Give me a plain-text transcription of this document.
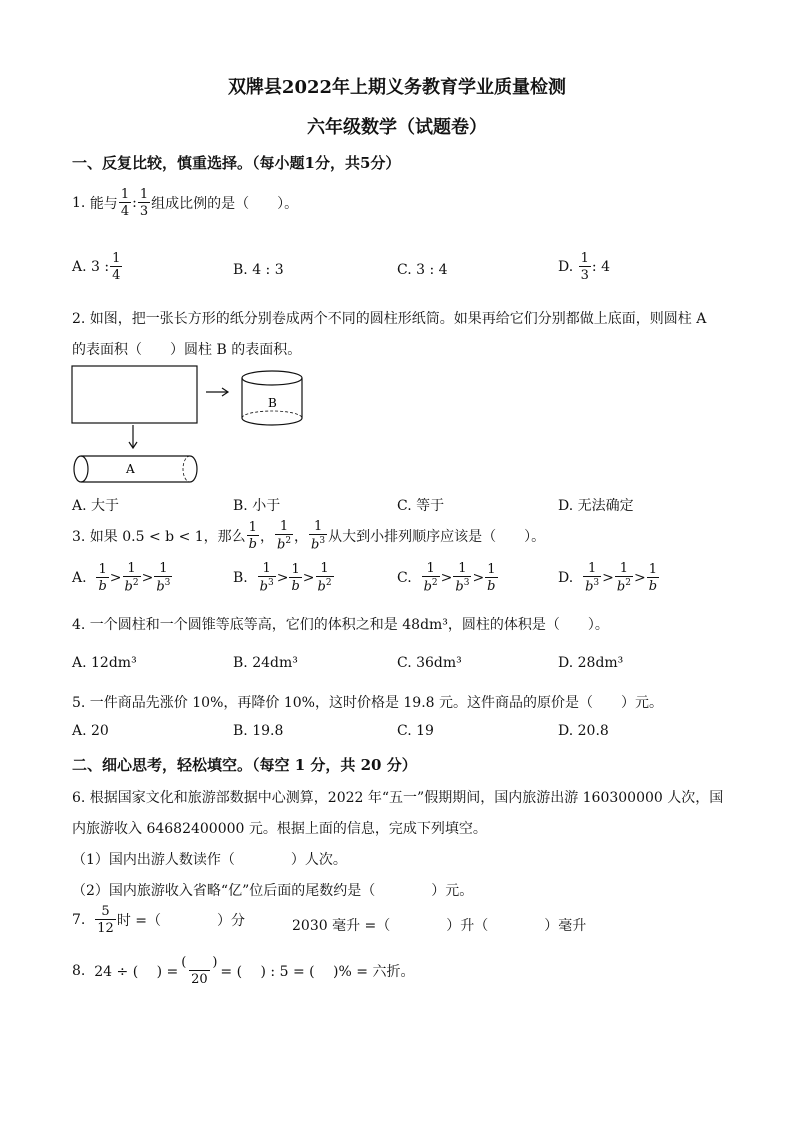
双牌县2022年上期义务教育学业质量检测
六年级数学（试题卷）
一、反复比较，慎重选择。（每小题1分，共5分）
1.
能与 $\frac{1}{4}$ : $\frac{1}{3}$ 组成比例的是（　　）。
A. 3 : $\frac{1}{4}$	B. 4 : 3	C. 3 : 4	D.
$\frac{1}{3}$ : 4
2. 如图，把一张长方形的纸分别卷成两个不同的圆柱形纸筒。如果再给它们分别都做上底面，则圆柱 A
的表面积（　　）圆柱 B 的表面积。
B
A
A. 大于	B. 小于	C. 等于	D. 无法确定
3. 如果 0.5 < b < 1，那么 $\frac{1}{b}$ ， $\frac{1}{b^2}$ ， $\frac{1}{b^3}$ 从大到小排列顺序应该是（　　）。
A.
$\frac{1}{b} > \frac{1}{b^2} > \frac{1}{b^3}$	B.
$\frac{1}{b^3} > \frac{1}{b} > \frac{1}{b^2}$	C.
$\frac{1}{b^2} > \frac{1}{b^3} > \frac{1}{b}$	D.
$\frac{1}{b^3} > \frac{1}{b^2} > \frac{1}{b}$
4. 一个圆柱和一个圆锥等底等高，它们的体积之和是 48dm³，圆柱的体积是（　　）。
A. 12dm³	B. 24dm³	C. 36dm³	D. 28dm³
5. 一件商品先涨价 10%，再降价 10%，这时价格是 19.8 元。这件商品的原价是（　　）元。
A. 20	B. 19.8	C. 19	D. 20.8
二、细心思考，轻松填空。（每空 1 分，共 20 分）
6. 根据国家文化和旅游部数据中心测算，2022 年“五一”假期期间，国内旅游出游 160300000 人次，国
内旅游收入 64682400000 元。根据上面的信息，完成下列填空。
（1）国内出游人数读作（　　　　）人次。
（2）国内旅游收入省略“亿”位后面的尾数约是（　　　　）元。
7.
$\frac{5}{12}$ 时 =（　　　　）分	2030 毫升 =（　　　　）升（　　　　）毫升
8.
24 ÷ (　 ) = $\frac{( )}{20}$ = (　 ) : 5 = (　 )% = 六折。
